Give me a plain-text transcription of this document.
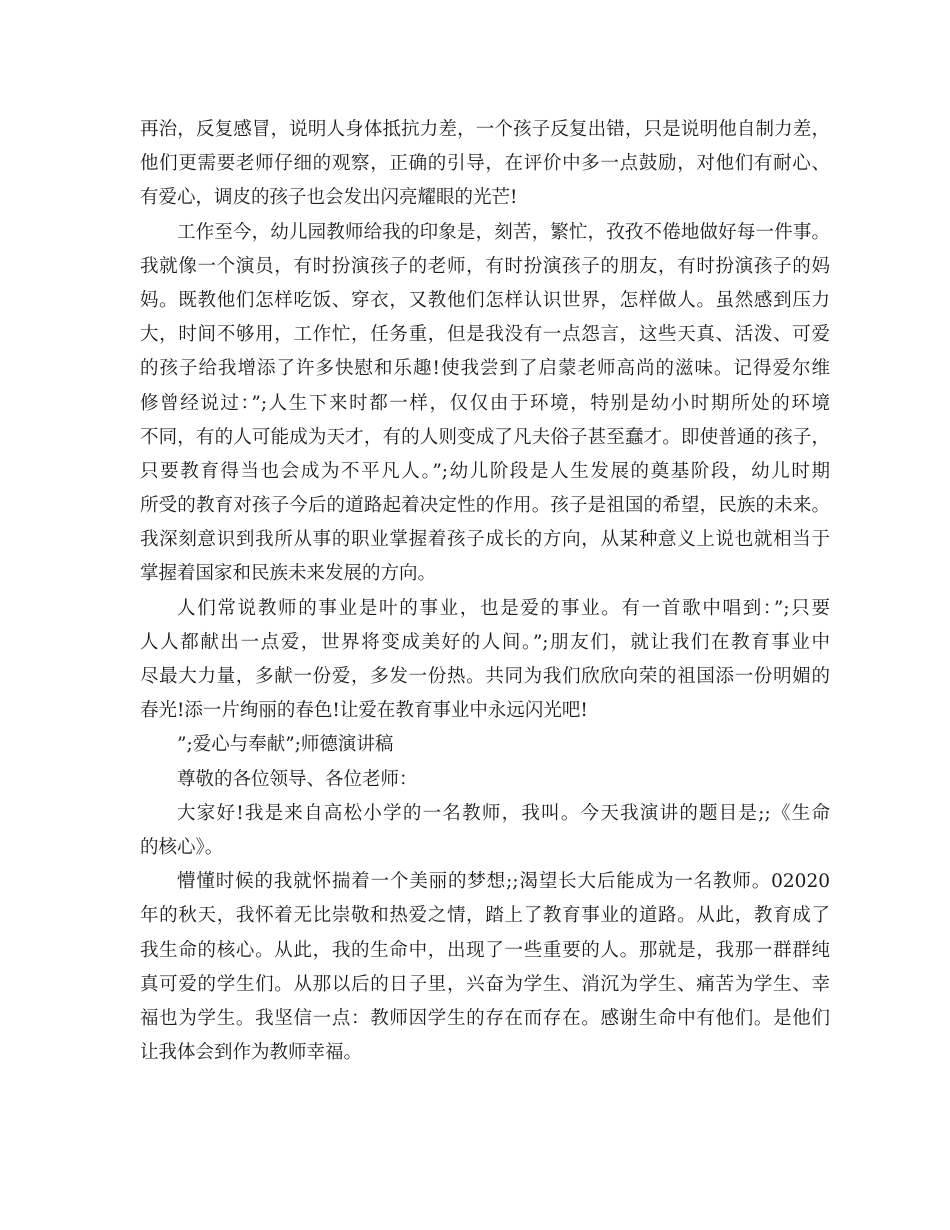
再治，反复感冒，说明人身体抵抗力差，一个孩子反复出错，只是说明他自制力差，
他们更需要老师仔细的观察，正确的引导，在评价中多一点鼓励，对他们有耐心、
有爱心，调皮的孩子也会发出闪亮耀眼的光芒!
工作至今，幼儿园教师给我的印象是，刻苦，繁忙，孜孜不倦地做好每一件事。
我就像一个演员，有时扮演孩子的老师，有时扮演孩子的朋友，有时扮演孩子的妈
妈。既教他们怎样吃饭、穿衣，又教他们怎样认识世界，怎样做人。虽然感到压力
大，时间不够用，工作忙，任务重，但是我没有一点怨言，这些天真、活泼、可爱
的孩子给我增添了许多快慰和乐趣!使我尝到了启蒙老师高尚的滋味。记得爱尔维
修曾经说过：”;人生下来时都一样，仅仅由于环境，特别是幼小时期所处的环境
不同，有的人可能成为天才，有的人则变成了凡夫俗子甚至蠢才。即使普通的孩子，
只要教育得当也会成为不平凡人。”;幼儿阶段是人生发展的奠基阶段，幼儿时期
所受的教育对孩子今后的道路起着决定性的作用。孩子是祖国的希望，民族的未来。
我深刻意识到我所从事的职业掌握着孩子成长的方向，从某种意义上说也就相当于
掌握着国家和民族未来发展的方向。
人们常说教师的事业是叶的事业，也是爱的事业。有一首歌中唱到：”;只要
人人都献出一点爱，世界将变成美好的人间。”;朋友们，就让我们在教育事业中
尽最大力量，多献一份爱，多发一份热。共同为我们欣欣向荣的祖国添一份明媚的
春光!添一片绚丽的春色!让爱在教育事业中永远闪光吧!
”;爱心与奉献”;师德演讲稿
尊敬的各位领导、各位老师：
大家好!我是来自高松小学的一名教师，我叫。今天我演讲的题目是;;《生命
的核心》。
懵懂时候的我就怀揣着一个美丽的梦想;;渴望长大后能成为一名教师。02020
年的秋天，我怀着无比崇敬和热爱之情，踏上了教育事业的道路。从此，教育成了
我生命的核心。从此，我的生命中，出现了一些重要的人。那就是，我那一群群纯
真可爱的学生们。从那以后的日子里，兴奋为学生、消沉为学生、痛苦为学生、幸
福也为学生。我坚信一点：教师因学生的存在而存在。感谢生命中有他们。是他们
让我体会到作为教师幸福。
